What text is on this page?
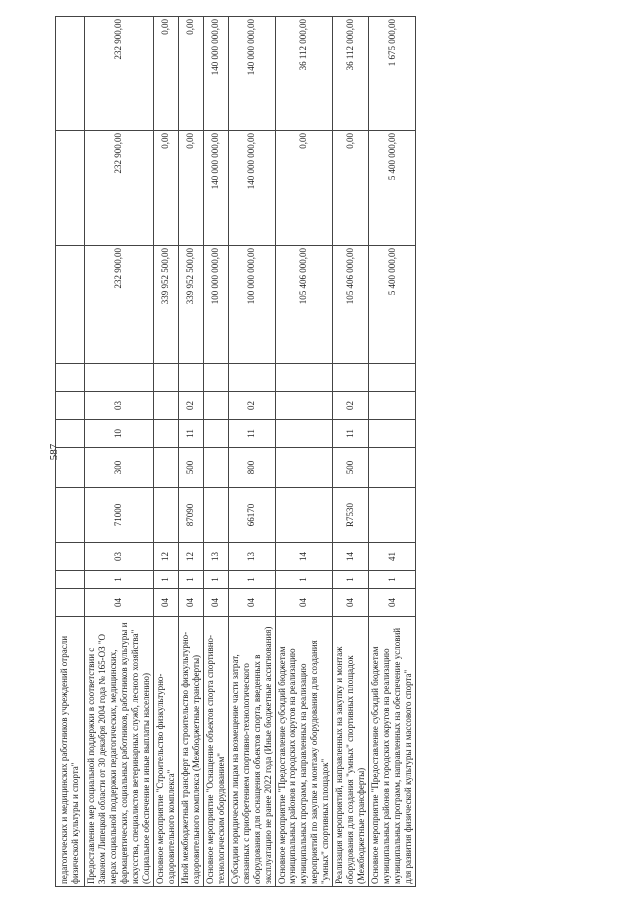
587
педагогических и медицинских работников учреждений отрасли физической культуры и спорта"											
Предоставление мер социальной поддержки в соответствии с Законом Липецкой области от 30 декабря 2004 года № 165-ОЗ "О мерах социальной поддержки педагогических, медицинских, фармацевтических, социальных работников, работников культуры и искусства, специалистов ветеринарных служб, лесного хозяйства" (Социальное обеспечение и иные выплаты населению)	04	1	03	71000	300	10	03		232 900,00	232 900,00	232 900,00
Основное мероприятие "Строительство физкультурно-оздоровительного комплекса"	04	1	12						339 952 500,00	0,00	0,00
Иной межбюджетный трансферт на строительство физкультурно-оздоровительного комплекса (Межбюджетные трансферты)	04	1	12	87090	500	11	02		339 952 500,00	0,00	0,00
Основное мероприятие "Оснащение объектов спорта спортивно-технологическим оборудованием"	04	1	13						100 000 000,00	140 000 000,00	140 000 000,00
Субсидии юридическим лицам на возмещение части затрат, связанных с приобретением спортивно-технологического оборудования для оснащения объектов спорта, введенных в эксплуатацию не ранее 2022 года (Иные бюджетные ассигнования)	04	1	13	66170	800	11	02		100 000 000,00	140 000 000,00	140 000 000,00
Основное мероприятие "Предоставление субсидий бюджетам муниципальных районов и городских округов на реализацию муниципальных программ, направленных на реализацию мероприятий по закупке и монтажу оборудования для создания "умных" спортивных площадок"	04	1	14						105 406 000,00	0,00	36 112 000,00
Реализация мероприятий, направленных на закупку и монтаж оборудования для создания "умных" спортивных площадок (Межбюджетные трансферты)	04	1	14	R7530	500	11	02		105 406 000,00	0,00	36 112 000,00
Основное мероприятие "Предоставление субсидий бюджетам муниципальных районов и городских округов на реализацию муниципальных программ, направленных на обеспечение условий для развития физической культуры и массового спорта"	04	1	41						5 400 000,00	5 400 000,00	1 675 000,00
